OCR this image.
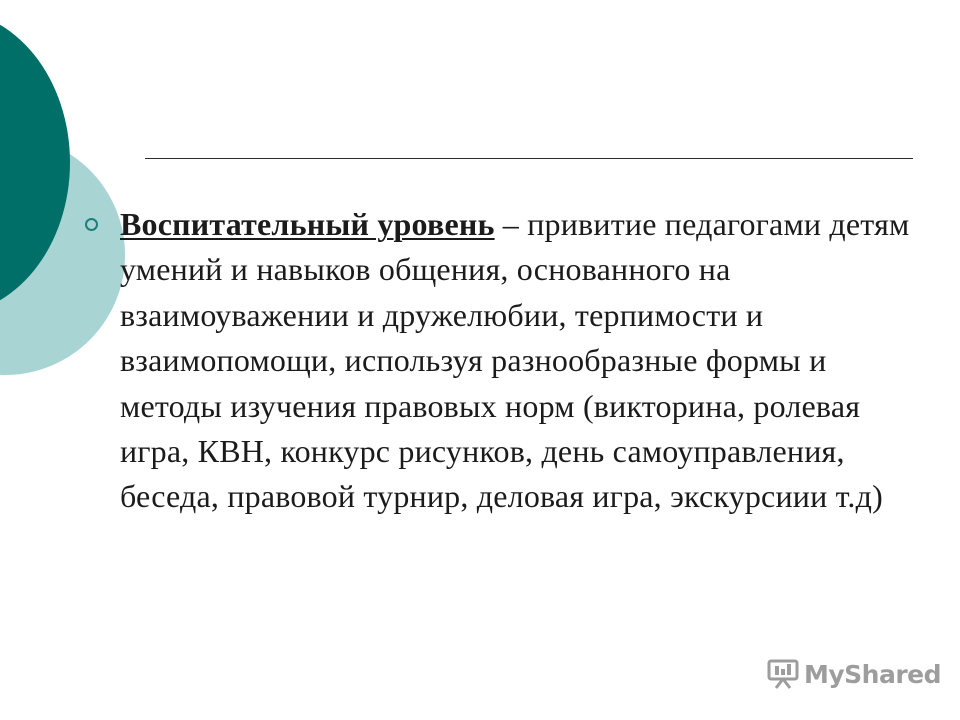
Воспитательный уровень – привитие педагогами детям умений и навыков общения, основанного на взаимоуважении и дружелюбии, терпимости и взаимопомощи, используя разнообразные формы и методы изучения правовых норм (викторина, ролевая игра, КВН, конкурс рисунков, день самоуправления, беседа, правовой турнир, деловая игра, экскурсиии т.д)
MyShared
